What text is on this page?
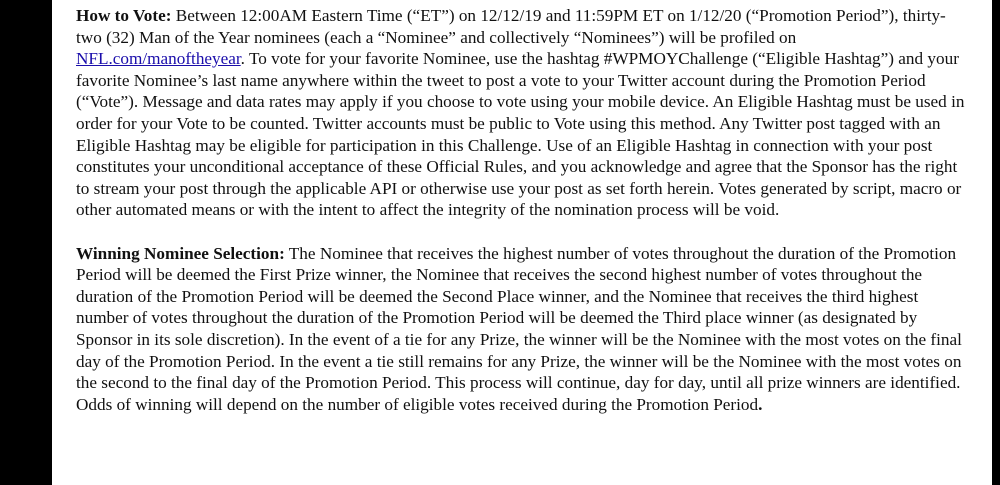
How to Vote: Between 12:00AM Eastern Time (“ET”) on 12/12/19 and 11:59PM ET on 1/12/20 (“Promotion Period”), thirty-two (32) Man of the Year nominees (each a “Nominee” and collectively “Nominees”) will be profiled on NFL.com/manoftheyear. To vote for your favorite Nominee, use the hashtag #WPMOYChallenge (“Eligible Hashtag”) and your favorite Nominee’s last name anywhere within the tweet to post a vote to your Twitter account during the Promotion Period (“Vote”). Message and data rates may apply if you choose to vote using your mobile device. An Eligible Hashtag must be used in order for your Vote to be counted. Twitter accounts must be public to Vote using this method. Any Twitter post tagged with an Eligible Hashtag may be eligible for participation in this Challenge. Use of an Eligible Hashtag in connection with your post constitutes your unconditional acceptance of these Official Rules, and you acknowledge and agree that the Sponsor has the right to stream your post through the applicable API or otherwise use your post as set forth herein. Votes generated by script, macro or other automated means or with the intent to affect the integrity of the nomination process will be void.

Winning Nominee Selection: The Nominee that receives the highest number of votes throughout the duration of the Promotion Period will be deemed the First Prize winner, the Nominee that receives the second highest number of votes throughout the duration of the Promotion Period will be deemed the Second Place winner, and the Nominee that receives the third highest number of votes throughout the duration of the Promotion Period will be deemed the Third place winner (as designated by Sponsor in its sole discretion). In the event of a tie for any Prize, the winner will be the Nominee with the most votes on the final day of the Promotion Period. In the event a tie still remains for any Prize, the winner will be the Nominee with the most votes on the second to the final day of the Promotion Period. This process will continue, day for day, until all prize winners are identified. Odds of winning will depend on the number of eligible votes received during the Promotion Period.
